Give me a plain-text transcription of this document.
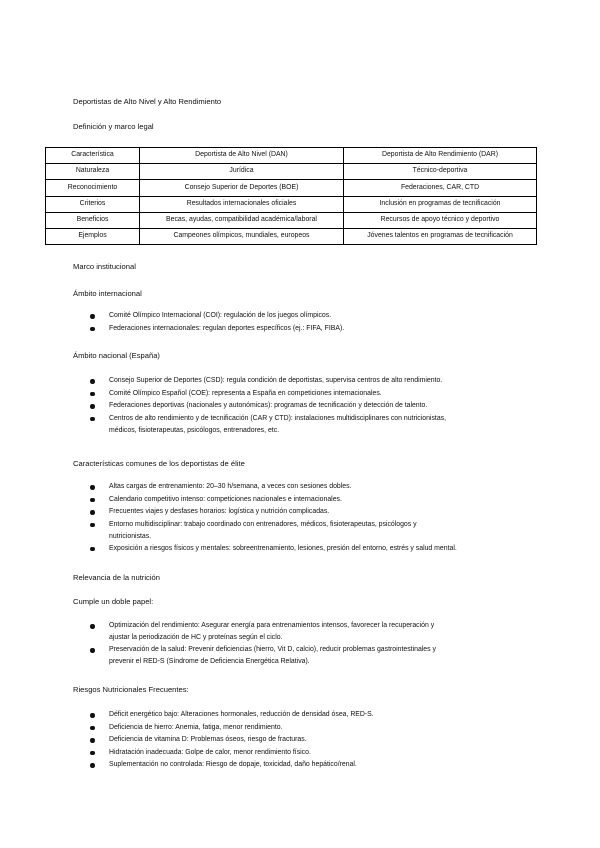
Deportistas de Alto Nivel y Alto Rendimiento
Definición y marco legal
Característica	Deportista de Alto Nivel (DAN)	Deportista de Alto Rendimiento (DAR)
Naturaleza	Jurídica	Técnico-deportiva
Reconocimiento	Consejo Superior de Deportes (BOE)	Federaciones, CAR, CTD
Criterios	Resultados internacionales oficiales	Inclusión en programas de tecnificación
Beneficios	Becas, ayudas, compatibilidad académica/laboral	Recursos de apoyo técnico y deportivo
Ejemplos	Campeones olímpicos, mundiales, europeos	Jóvenes talentos en programas de tecnificación
Marco institucional
Ámbito internacional
Comité Olímpico Internacional (COI): regulación de los juegos olímpicos.
Federaciones internacionales: regulan deportes específicos (ej.: FIFA, FIBA).
Ámbito nacional (España)
Consejo Superior de Deportes (CSD): regula condición de deportistas, supervisa centros de alto rendimiento.
Comité Olímpico Español (COE): representa a España en competiciones internacionales.
Federaciones deportivas (nacionales y autonómicas): programas de tecnificación y detección de talento.
Centros de alto rendimiento y de tecnificación (CAR y CTD): instalaciones multidisciplinares con nutricionistas,
médicos, fisioterapeutas, psicólogos, entrenadores, etc.
Características comunes de los deportistas de élite
Altas cargas de entrenamiento: 20–30 h/semana, a veces con sesiones dobles.
Calendario competitivo intenso: competiciones nacionales e internacionales.
Frecuentes viajes y desfases horarios: logística y nutrición complicadas.
Entorno multidisciplinar: trabajo coordinado con entrenadores, médicos, fisioterapeutas, psicólogos y
nutricionistas.
Exposición a riesgos físicos y mentales: sobreentrenamiento, lesiones, presión del entorno, estrés y salud mental.
Relevancia de la nutrición
Cumple un doble papel:
Optimización del rendimiento: Asegurar energía para entrenamientos intensos, favorecer la recuperación y
ajustar la periodización de HC y proteínas según el ciclo.
Preservación de la salud: Prevenir deficiencias (hierro, Vit D, calcio), reducir problemas gastrointestinales y
prevenir el RED-S (Síndrome de Deficiencia Energética Relativa).
Riesgos Nutricionales Frecuentes:
Déficit energético bajo: Alteraciones hormonales, reducción de densidad ósea, RED-S.
Deficiencia de hierro: Anemia, fatiga, menor rendimiento.
Deficiencia de vitamina D: Problemas óseos, riesgo de fracturas.
Hidratación inadecuada: Golpe de calor, menor rendimiento físico.
Suplementación no controlada: Riesgo de dopaje, toxicidad, daño hepático/renal.
